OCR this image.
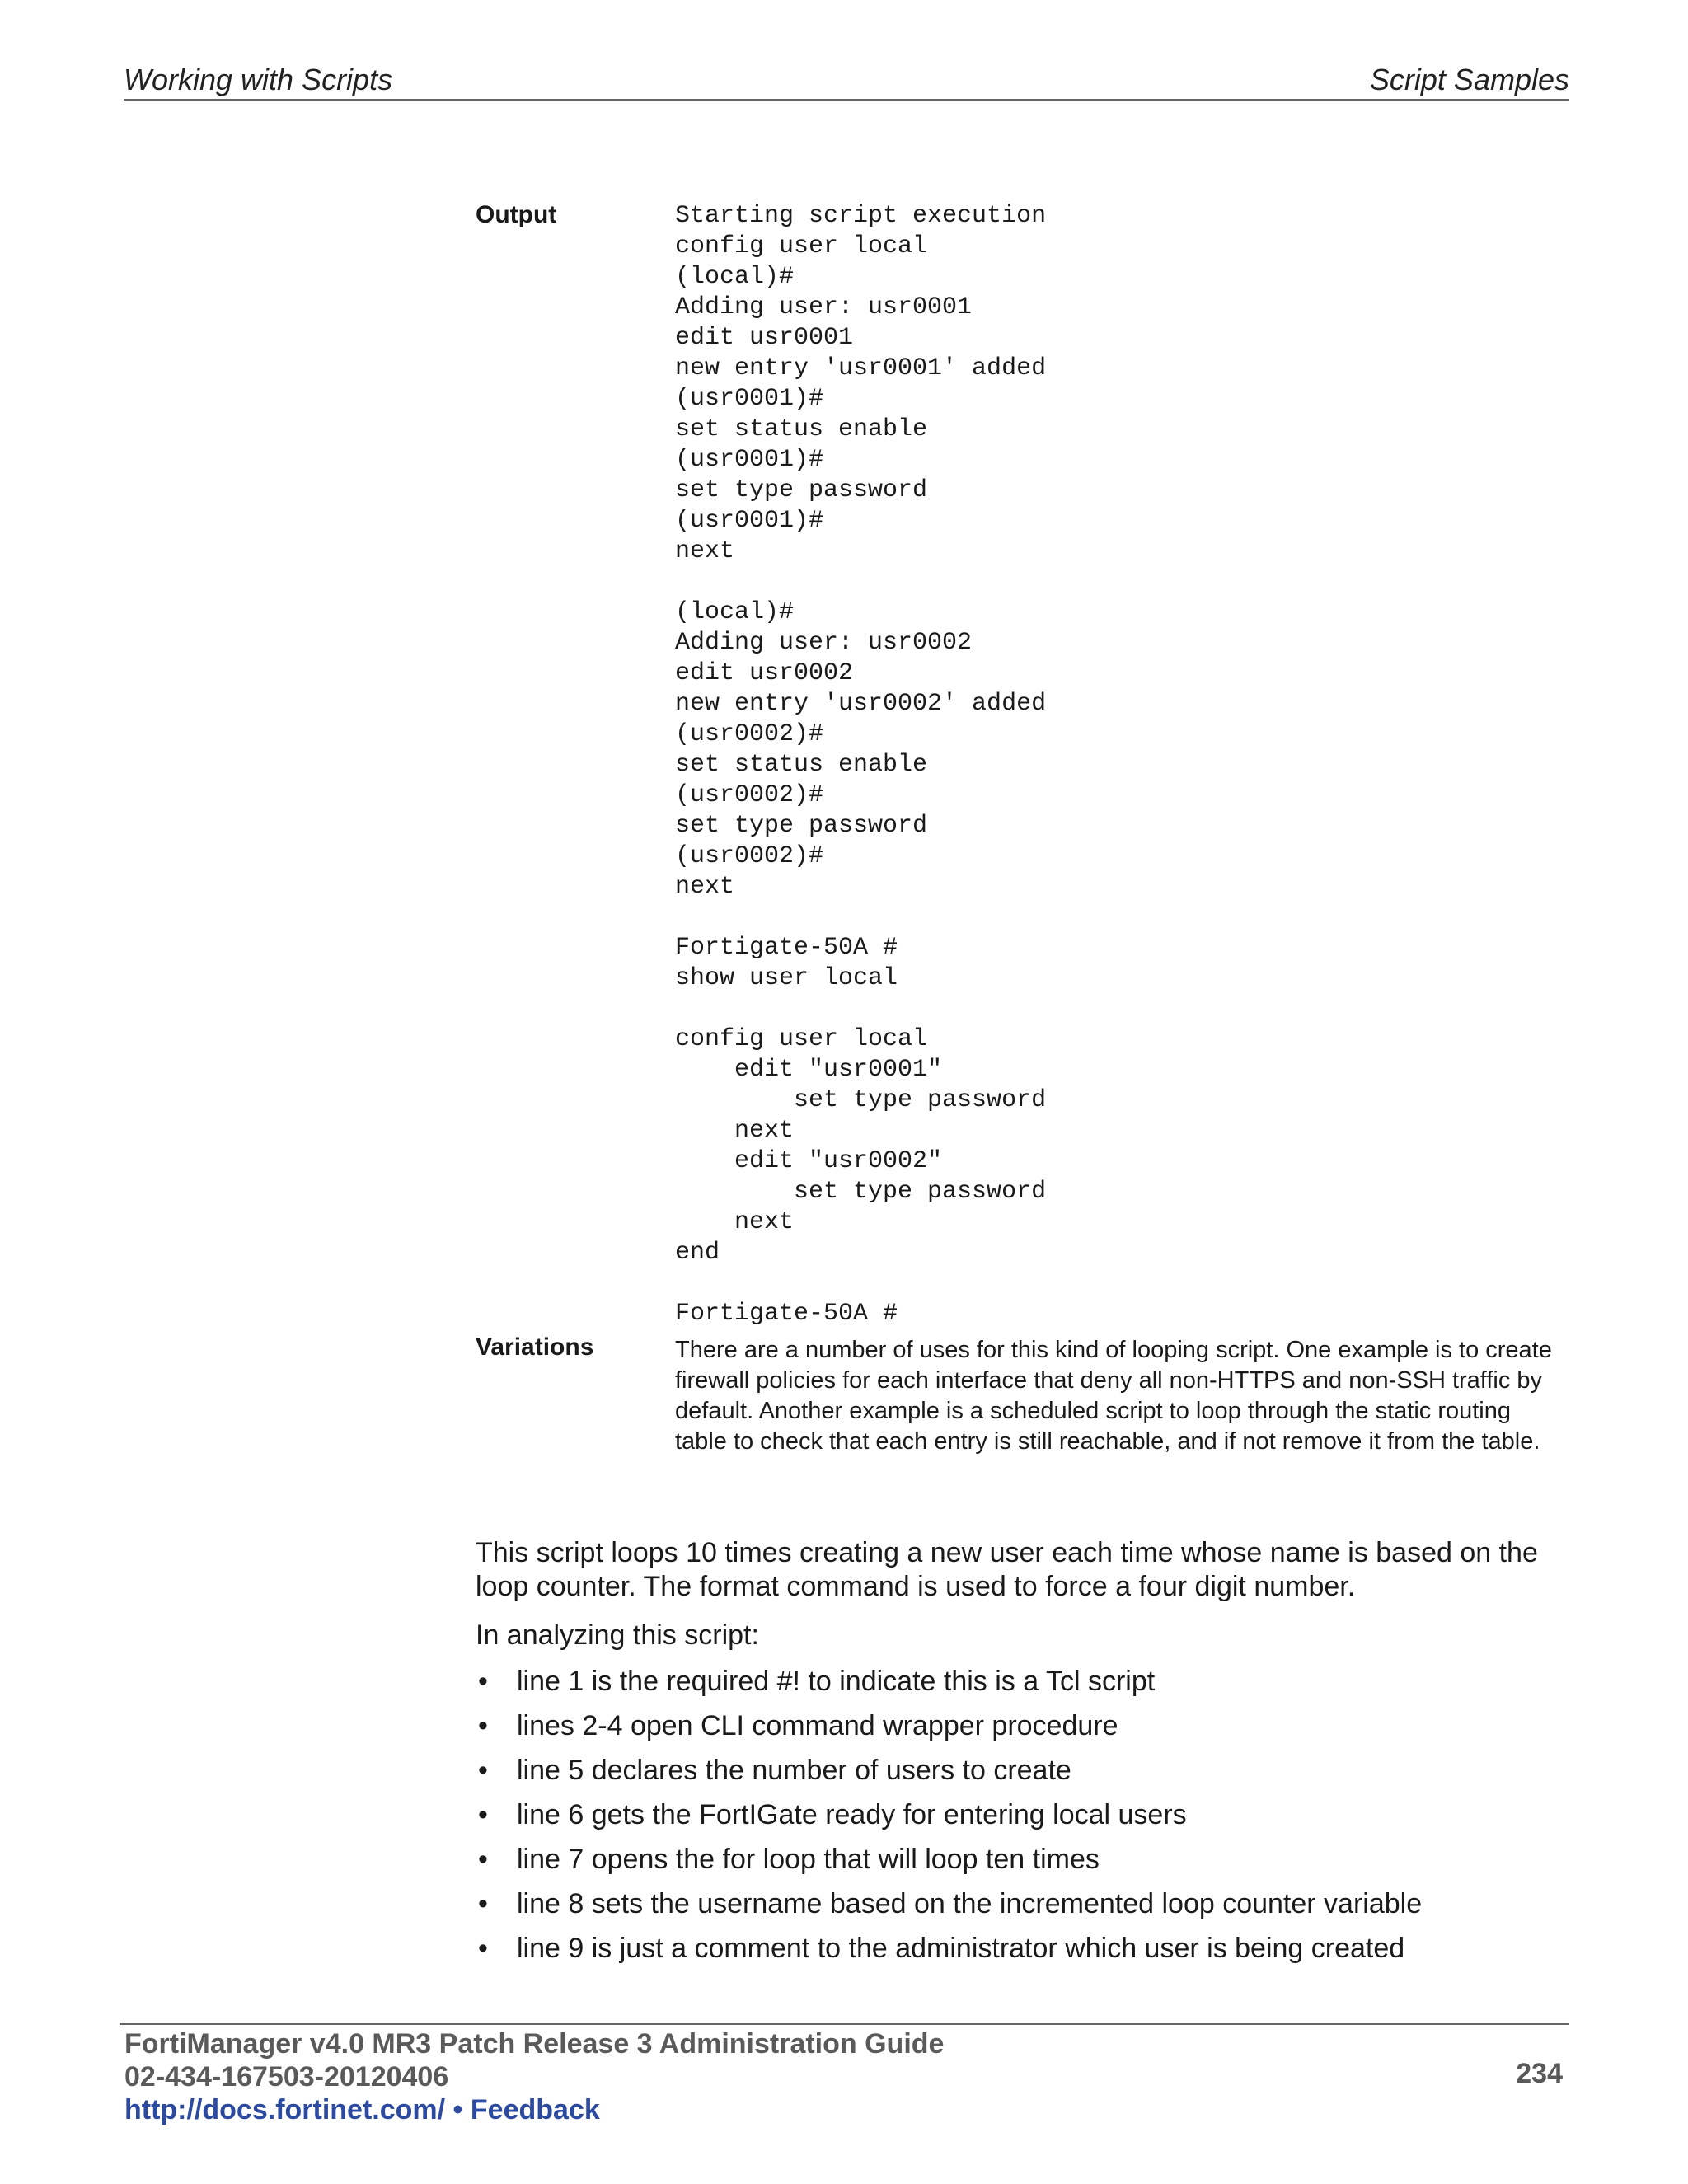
Working with Scripts	Script Samples
Output	Starting script execution
config user local
(local)#
Adding user: usr0001
edit usr0001
new entry 'usr0001' added
(usr0001)#
set status enable
(usr0001)#
set type password
(usr0001)#
next

(local)#
Adding user: usr0002
edit usr0002
new entry 'usr0002' added
(usr0002)#
set status enable
(usr0002)#
set type password
(usr0002)#
next

Fortigate-50A #
show user local

config user local
edit "usr0001"
set type password
next
edit "usr0002"
set type password
next
end

Fortigate-50A #
Variations	There are a number of uses for this kind of looping script. One example is to create firewall policies for each interface that deny all non-HTTPS and non-SSH traffic by default. Another example is a scheduled script to loop through the static routing table to check that each entry is still reachable, and if not remove it from the table.
This script loops 10 times creating a new user each time whose name is based on the loop counter. The format command is used to force a four digit number.
In analyzing this script:
• line 1 is the required #! to indicate this is a Tcl script
• lines 2-4 open CLI command wrapper procedure
• line 5 declares the number of users to create
• line 6 gets the FortIGate ready for entering local users
• line 7 opens the for loop that will loop ten times
• line 8 sets the username based on the incremented loop counter variable
• line 9 is just a comment to the administrator which user is being created
FortiManager v4.0 MR3 Patch Release 3 Administration Guide
02-434-167503-20120406	234
http://docs.fortinet.com/ • Feedback
